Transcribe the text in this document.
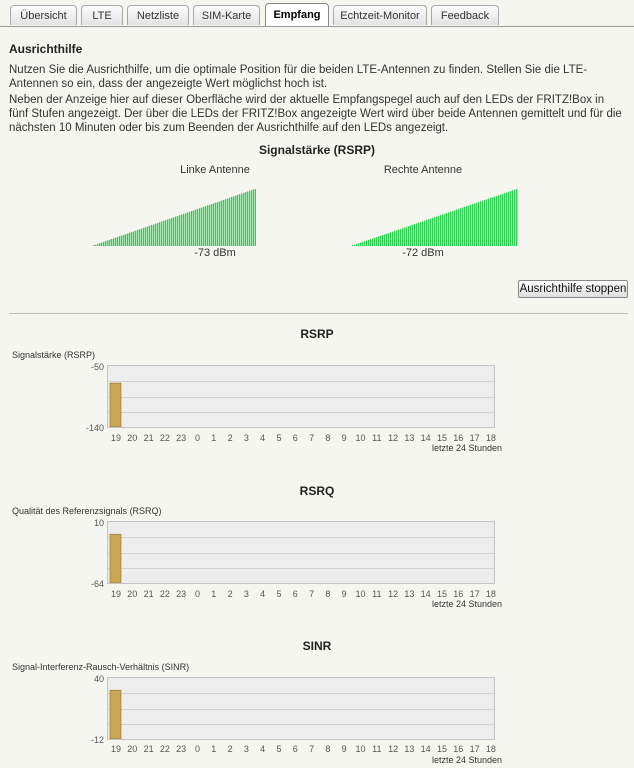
Übersicht	LTE	Netzliste	SIM-Karte	Empfang	Echtzeit-Monitor	Feedback
Ausrichthilfe
Nutzen Sie die Ausrichthilfe, um die optimale Position für die beiden LTE-Antennen zu finden. Stellen Sie die LTE-Antennen so ein, dass der angezeigte Wert möglichst hoch ist.
Neben der Anzeige hier auf dieser Oberfläche wird der aktuelle Empfangspegel auch auf den LEDs der FRITZ!Box in fünf Stufen angezeigt. Der über die LEDs der FRITZ!Box angezeigte Wert wird über beide Antennen gemittelt und für die nächsten 10 Minuten oder bis zum Beenden der Ausrichthilfe auf den LEDs angezeigt.
Signalstärke (RSRP)
Linke Antenne	Rechte Antenne
-73 dBm	-72 dBm
Ausrichthilfe stoppen
RSRP
Signalstärke (RSRP)
-50
-140
19 20 21 22 23 0	1	2	3	4	5	6	7	8	9 10 11 12 13 14 15 16 17 18
letzte 24 Stunden
RSRQ
Qualität des Referenzsignals (RSRQ)
10
-64
19 20 21 22 23 0	1	2	3	4	5	6	7	8	9 10 11 12 13 14 15 16 17 18
letzte 24 Stunden
SINR
Signal-Interferenz-Rausch-Verhältnis (SINR)
40
-12
19 20 21 22 23 0	1	2	3	4	5	6	7	8	9 10 11 12 13 14 15 16 17 18
letzte 24 Stunden
